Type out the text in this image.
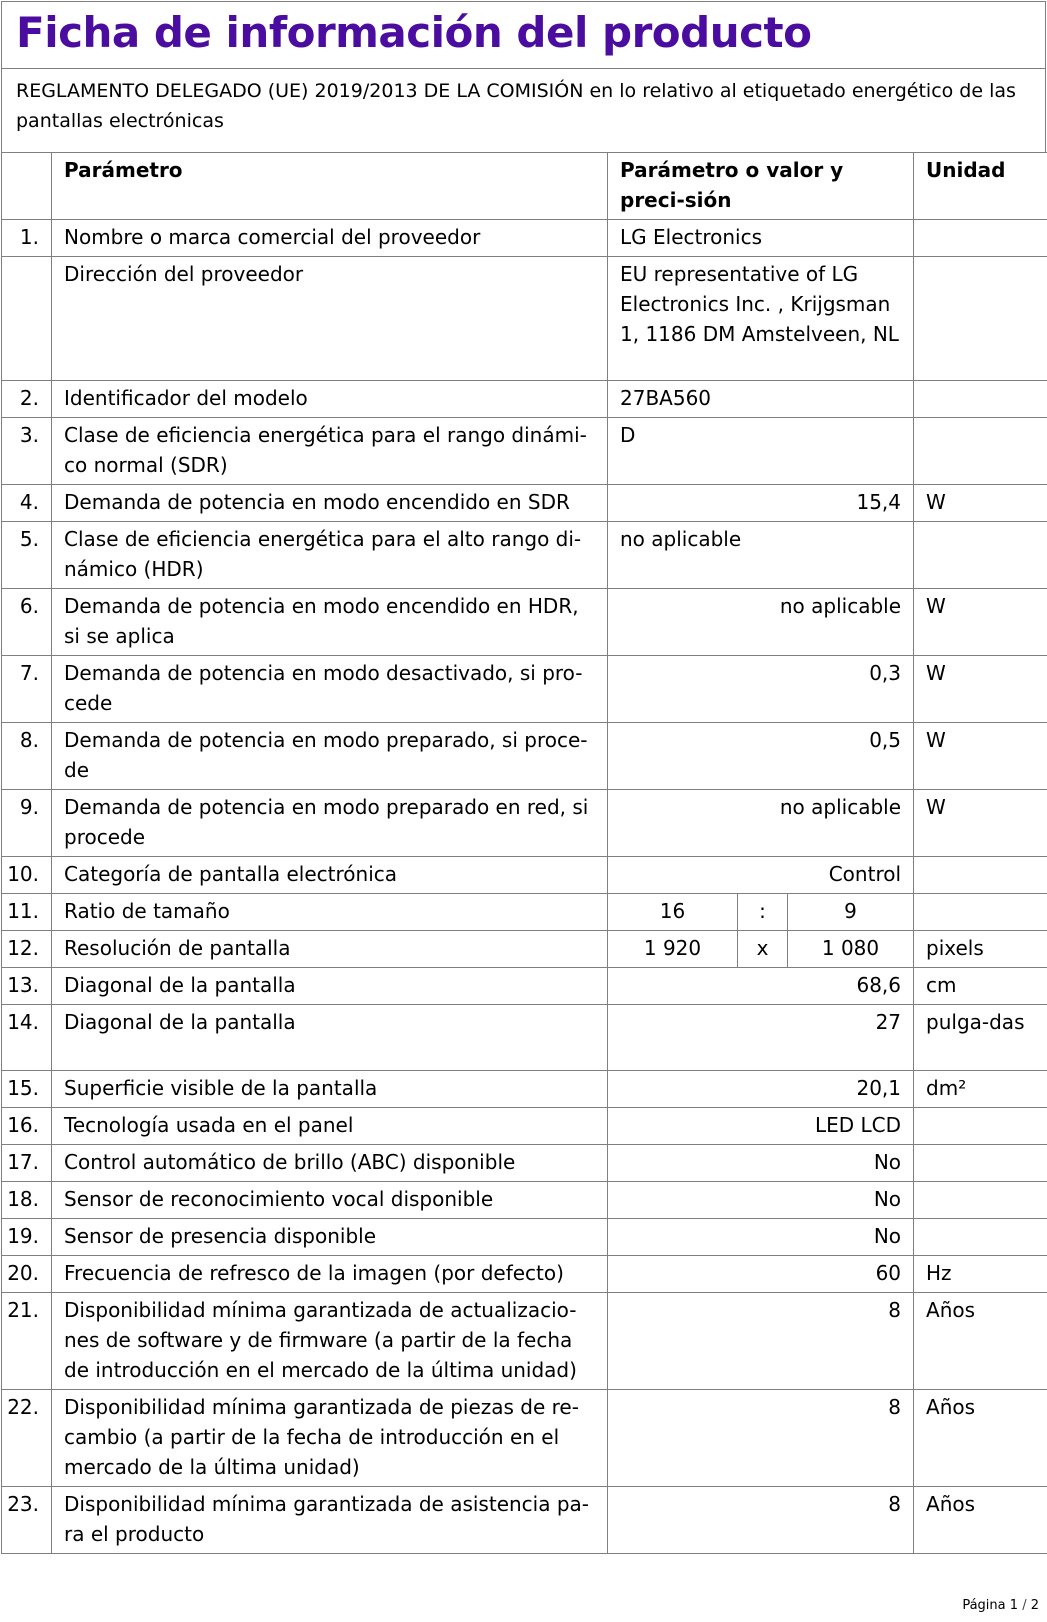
Ficha de información del producto
REGLAMENTO DELEGADO (UE) 2019/2013 DE LA COMISIÓN en lo relativo al etiquetado energético de las pantallas electrónicas
	Parámetro	Parámetro o valor y preci-sión			Unidad
1.	Nombre o marca comercial del proveedor	LG Electronics			
	Dirección del proveedor	EU representative of LG Electronics Inc. , Krijgsman 1, 1186 DM Amstelveen, NL			
2.	Identificador del modelo	27BA560			
3.	Clase de eficiencia energética para el rango dinámi-co normal (SDR)	D			
4.	Demanda de potencia en modo encendido en SDR	15,4			W
5.	Clase de eficiencia energética para el alto rango di-námico (HDR)	no aplicable			
6.	Demanda de potencia en modo encendido en HDR, si se aplica	no aplicable			W
7.	Demanda de potencia en modo desactivado, si pro-cede	0,3			W
8.	Demanda de potencia en modo preparado, si proce-de	0,5			W
9.	Demanda de potencia en modo preparado en red, si procede	no aplicable			W
10.	Categoría de pantalla electrónica	Control			
11.	Ratio de tamaño	16	:	9	
12.	Resolución de pantalla	1 920	x	1 080	pixels
13.	Diagonal de la pantalla	68,6			cm
14.	Diagonal de la pantalla	27			pulga-das
15.	Superficie visible de la pantalla	20,1			dm²
16.	Tecnología usada en el panel	LED LCD			
17.	Control automático de brillo (ABC) disponible	No			
18.	Sensor de reconocimiento vocal disponible	No			
19.	Sensor de presencia disponible	No			
20.	Frecuencia de refresco de la imagen (por defecto)	60			Hz
21.	Disponibilidad mínima garantizada de actualizacio-nes de software y de firmware (a partir de la fecha de introducción en el mercado de la última unidad)	8			Años
22.	Disponibilidad mínima garantizada de piezas de re-cambio (a partir de la fecha de introducción en el mercado de la última unidad)	8			Años
23.	Disponibilidad mínima garantizada de asistencia pa-ra el producto	8			Años
Página 1 / 2
